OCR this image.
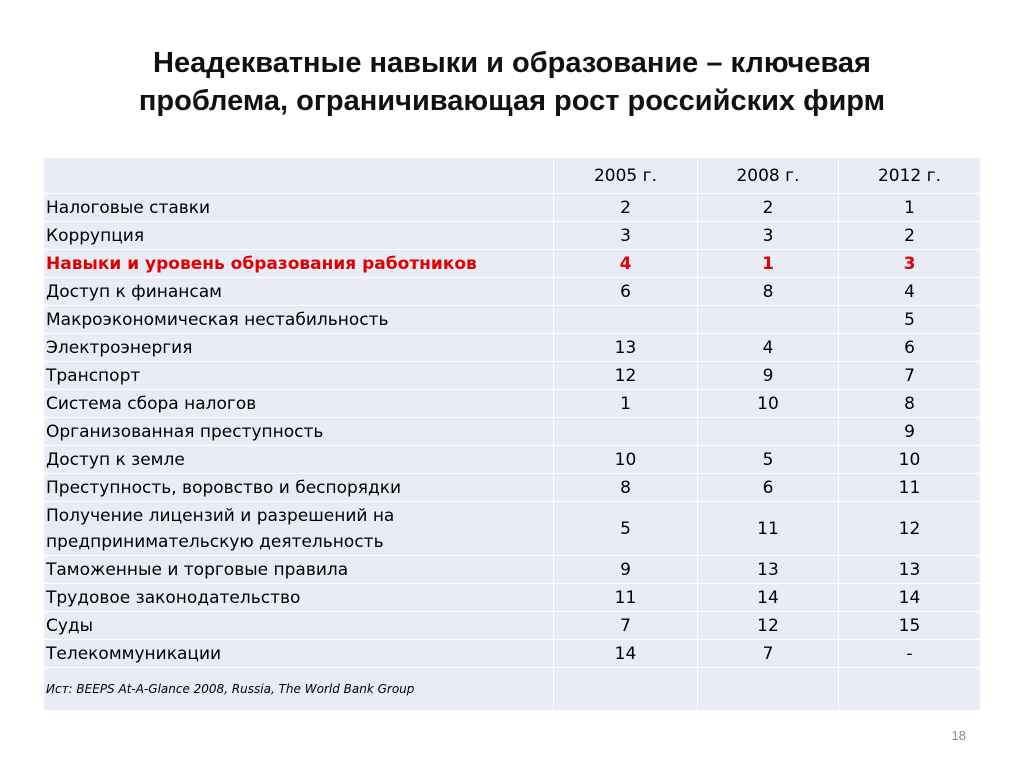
Неадекватные навыки и образование – ключевая
проблема, ограничивающая рост российских фирм
	2005 г.	2008 г.	2012 г.
Налоговые ставки	2	2	1
Коррупция	3	3	2
Навыки и уровень образования работников	4	1	3
Доступ к финансам	6	8	4
Макроэкономическая нестабильность			5
Электроэнергия	13	4	6
Транспорт	12	9	7
Система сбора налогов	1	10	8
Организованная преступность			9
Доступ к земле	10	5	10
Преступность, воровство и беспорядки	8	6	11
Получение лицензий и разрешений на предпринимательскую деятельность	5	11	12
Таможенные и торговые правила	9	13	13
Трудовое законодательство	11	14	14
Суды	7	12	15
Телекоммуникации	14	7	-
Ист: BEEPS At-A-Glance 2008, Russia, The World Bank Group			
18
